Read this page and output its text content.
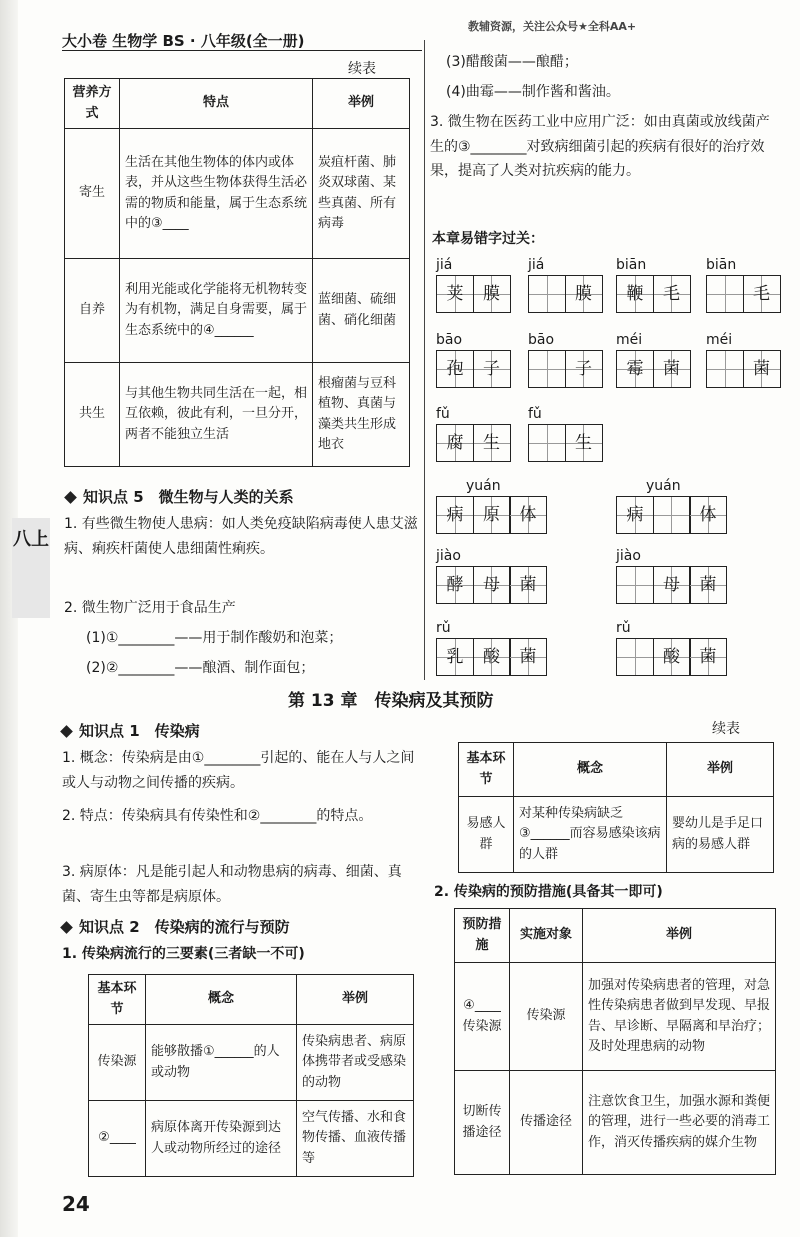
大小卷 生物学 BS · 八年级(全一册)
教辅资源，关注公众号★全科AA+
续表
营养方式	特点	举例
寄生	生活在其他生物体的体内或体表，并从这些生物体获得生活必需的物质和能量，属于生态系统中的③____	炭疽杆菌、肺炎双球菌、某些真菌、所有病毒
自养	利用光能或化学能将无机物转变为有机物，满足自身需要，属于生态系统中的④______	蓝细菌、硫细菌、硝化细菌
共生	与其他生物共同生活在一起，相互依赖，彼此有利，一旦分开，两者不能独立生活	根瘤菌与豆科植物、真菌与藻类共生形成地衣
知识点 5　微生物与人类的关系
1. 有些微生物使人患病：如人类免疫缺陷病毒使人患艾滋病、痢疾杆菌使人患细菌性痢疾。
2. 微生物广泛用于食品生产
(1)①________——用于制作酸奶和泡菜；
(2)②________——酿酒、制作面包；
八上
(3)醋酸菌——酿醋；
(4)曲霉——制作酱和酱油。
3. 微生物在医药工业中应用广泛：如由真菌或放线菌产生的③________对致病细菌引起的疾病有很好的治疗效果，提高了人类对抗疾病的能力。
本章易错字过关：
jiá
荚	膜
jiá
膜
biān
鞭	毛
biān
毛
bāo
孢	子
bāo
子
méi
霉	菌
méi
菌
fǔ
腐	生
fǔ
生
yuán
病	原	体
yuán
病	体
jiào
酵	母	菌
jiào
母	菌
rǔ
乳	酸	菌
rǔ
酸	菌
第 13 章　传染病及其预防
知识点 1　传染病
1. 概念：传染病是由①________引起的、能在人与人之间或人与动物之间传播的疾病。
2. 特点：传染病具有传染性和②________的特点。
3. 病原体：凡是能引起人和动物患病的病毒、细菌、真菌、寄生虫等都是病原体。
知识点 2　传染病的流行与预防
1. 传染病流行的三要素(三者缺一不可)
基本环节	概念	举例
传染源	能够散播①______的人或动物	传染病患者、病原体携带者或受感染的动物
②____	病原体离开传染源到达人或动物所经过的途径	空气传播、水和食物传播、血液传播等
续表
基本环节	概念	举例
易感人群	对某种传染病缺乏③______而容易感染该病的人群	婴幼儿是手足口病的易感人群
2. 传染病的预防措施(具备其一即可)
预防措施	实施对象	举例
④____传染源	传染源	加强对传染病患者的管理，对急性传染病患者做到早发现、早报告、早诊断、早隔离和早治疗；及时处理患病的动物
切断传播途径	传播途径	注意饮食卫生，加强水源和粪便的管理，进行一些必要的消毒工作，消灭传播疾病的媒介生物
24
